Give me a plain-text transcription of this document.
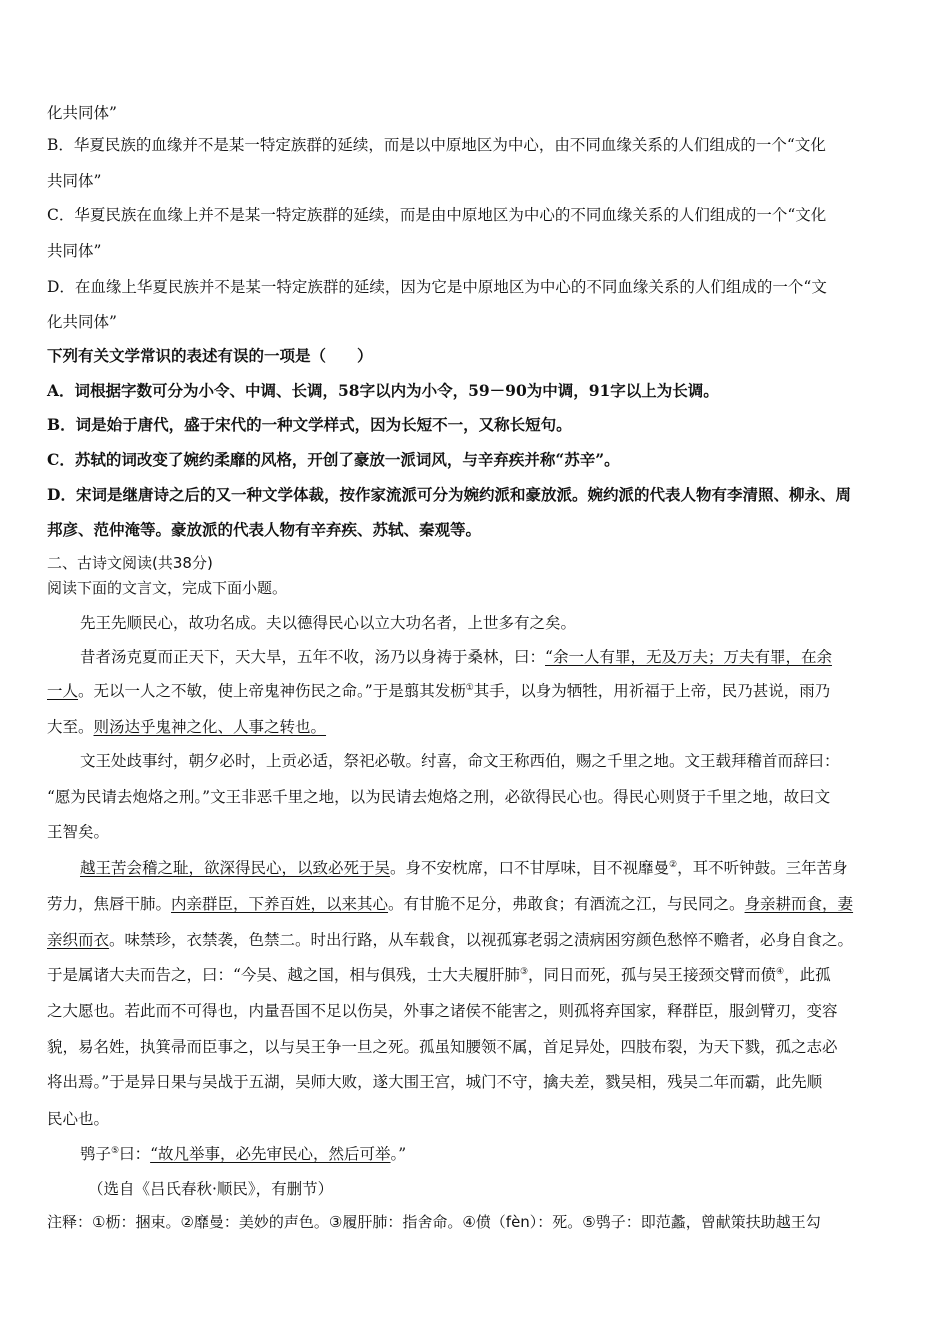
化共同体”
B．华夏民族的血缘并不是某一特定族群的延续，而是以中原地区为中心，由不同血缘关系的人们组成的一个“文化
共同体”
C．华夏民族在血缘上并不是某一特定族群的延续，而是由中原地区为中心的不同血缘关系的人们组成的一个“文化
共同体”
D．在血缘上华夏民族并不是某一特定族群的延续，因为它是中原地区为中心的不同血缘关系的人们组成的一个“文
化共同体”
下列有关文学常识的表述有误的一项是（　　）
A．词根据字数可分为小令、中调、长调，58字以内为小令，59－90为中调，91字以上为长调。
B．词是始于唐代，盛于宋代的一种文学样式，因为长短不一，又称长短句。
C．苏轼的词改变了婉约柔靡的风格，开创了豪放一派词风，与辛弃疾并称“苏辛”。
D．宋词是继唐诗之后的又一种文学体裁，按作家流派可分为婉约派和豪放派。婉约派的代表人物有李清照、柳永、周
邦彦、范仲淹等。豪放派的代表人物有辛弃疾、苏轼、秦观等。
二、古诗文阅读(共38分)
阅读下面的文言文，完成下面小题。
先王先顺民心，故功名成。夫以德得民心以立大功名者，上世多有之矣。
昔者汤克夏而正天下，天大旱，五年不收，汤乃以身祷于桑林，曰：“余一人有罪，无及万夫；万夫有罪，在余
一人。无以一人之不敏，使上帝鬼神伤民之命。”于是翦其发枥①其手，以身为牺牲，用祈福于上帝，民乃甚说，雨乃
大至。则汤达乎鬼神之化、人事之转也。
文王处歧事纣，朝夕必时，上贡必适，祭祀必敬。纣喜，命文王称西伯，赐之千里之地。文王载拜稽首而辞曰：
“愿为民请去炮烙之刑。”文王非恶千里之地，以为民请去炮烙之刑，必欲得民心也。得民心则贤于千里之地，故曰文
王智矣。
越王苦会稽之耻，欲深得民心，以致必死于吴。身不安枕席，口不甘厚味，目不视靡曼②，耳不听钟鼓。三年苦身
劳力，焦唇干肺。内亲群臣，下养百姓，以来其心。有甘脆不足分，弗敢食；有酒流之江，与民同之。身亲耕而食，妻
亲织而衣。味禁珍，衣禁袭，色禁二。时出行路，从车载食，以视孤寡老弱之渍病困穷颜色愁悴不赡者，必身自食之。
于是属诸大夫而告之，曰：“今吴、越之国，相与俱残，士大夫履肝肺③，同日而死，孤与吴王接颈交臂而偾④，此孤
之大愿也。若此而不可得也，内量吾国不足以伤吴，外事之诸侯不能害之，则孤将弃国家，释群臣，服剑臂刃，变容
貌，易名姓，执箕帚而臣事之，以与吴王争一旦之死。孤虽知腰领不属，首足异处，四肢布裂，为天下戮，孤之志必
将出焉。”于是异日果与吴战于五湖，吴师大败，遂大围王宫，城门不守，擒夫差，戮吴相，残吴二年而霸，此先顺
民心也。
鸮子⑤曰：“故凡举事，必先审民心，然后可举。”
（选自《吕氏春秋·顺民》，有删节）
注释：①枥：捆束。②靡曼：美妙的声色。③履肝肺：指舍命。④偾（fèn）：死。⑤鸮子：即范蠡，曾献策扶助越王勾
